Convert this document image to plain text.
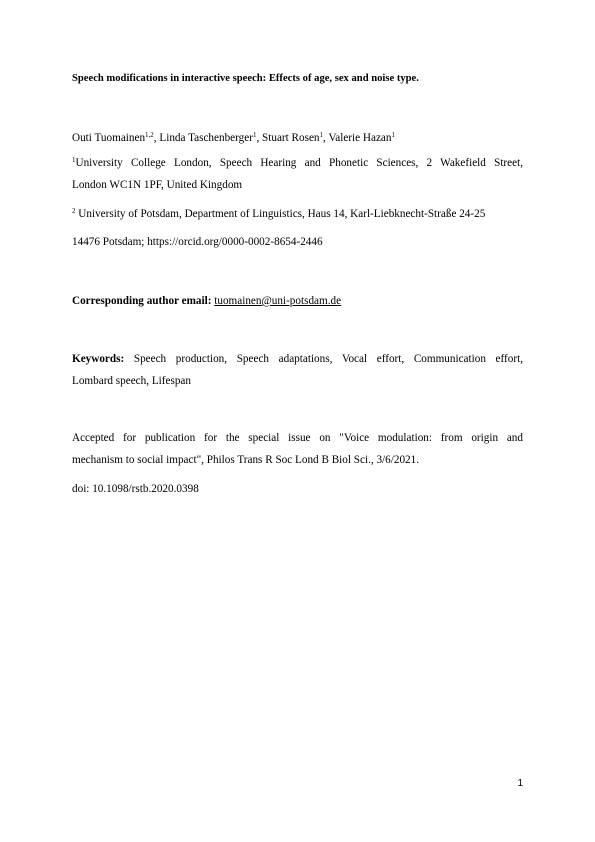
Speech modifications in interactive speech: Effects of age, sex and noise type.
Outi Tuomainen$^{1,2}$, Linda Taschenberger$^1$, Stuart Rosen$^1$, Valerie Hazan$^1$
$^1$University College London, Speech Hearing and Phonetic Sciences, 2 Wakefield Street,
London WC1N 1PF, United Kingdom
$^2$ University of Potsdam, Department of Linguistics, Haus 14, Karl-Liebknecht-Straße 24-25
14476 Potsdam; https://orcid.org/0000-0002-8654-2446
Corresponding author email: tuomainen@uni-potsdam.de
Keywords: Speech production, Speech adaptations, Vocal effort, Communication effort,
Lombard speech, Lifespan
Accepted for publication for the special issue on "Voice modulation: from origin and
mechanism to social impact", Philos Trans R Soc Lond B Biol Sci., 3/6/2021.
doi: 10.1098/rstb.2020.0398
1
